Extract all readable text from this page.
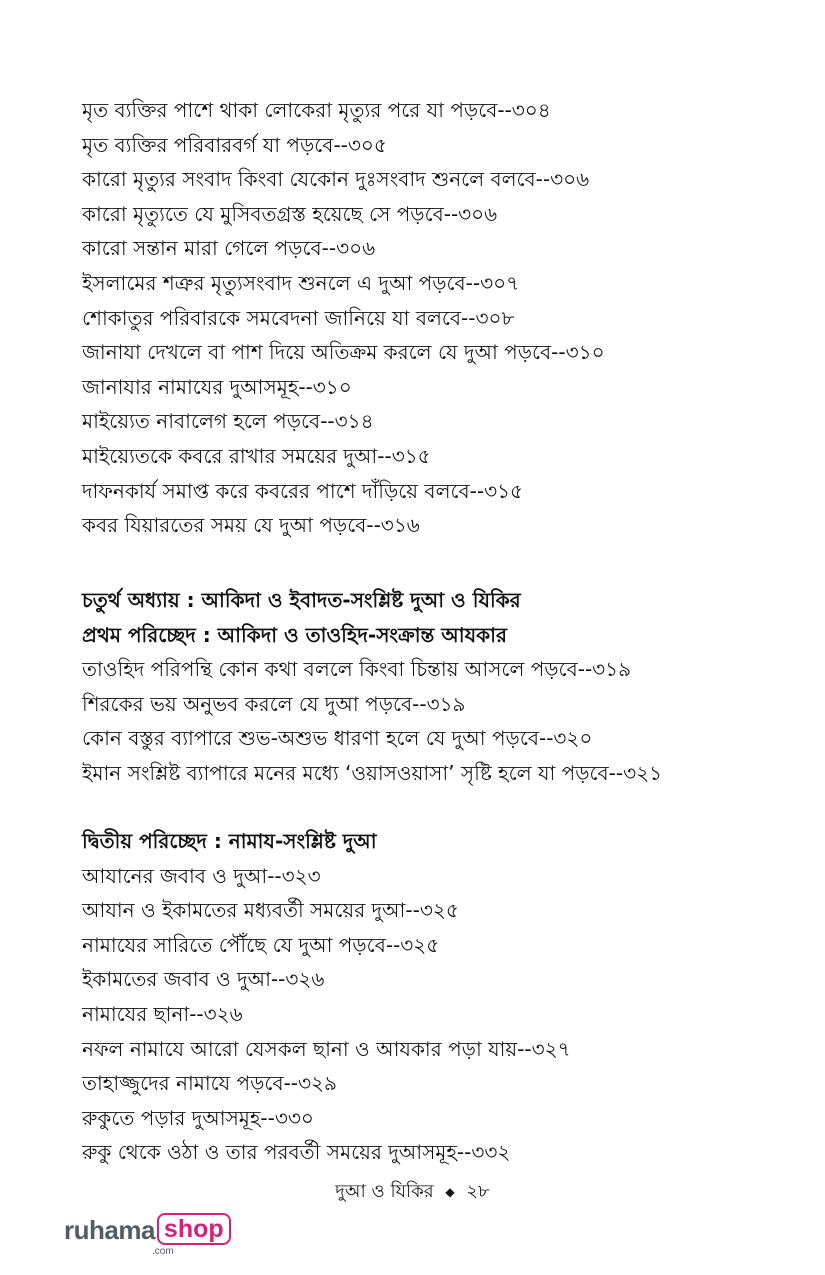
মৃত ব্যক্তির পাশে থাকা লোকেরা মৃত্যুর পরে যা পড়বে--৩০৪
মৃত ব্যক্তির পরিবারবর্গ যা পড়বে--৩০৫
কারো মৃত্যুর সংবাদ কিংবা যেকোন দুঃসংবাদ শুনলে বলবে--৩০৬
কারো মৃত্যুতে যে মুসিবতগ্রস্ত হয়েছে সে পড়বে--৩০৬
কারো সন্তান মারা গেলে পড়বে--৩০৬
ইসলামের শত্রুর মৃত্যুসংবাদ শুনলে এ দুআ পড়বে--৩০৭
শোকাতুর পরিবারকে সমবেদনা জানিয়ে যা বলবে--৩০৮
জানাযা দেখলে বা পাশ দিয়ে অতিক্রম করলে যে দুআ পড়বে--৩১০
জানাযার নামাযের দুআসমূহ--৩১০
মাইয়্যেত নাবালেগ হলে পড়বে--৩১৪
মাইয়্যেতকে কবরে রাখার সময়ের দুআ--৩১৫
দাফনকার্য সমাপ্ত করে কবরের পাশে দাঁড়িয়ে বলবে--৩১৫
কবর যিয়ারতের সময় যে দুআ পড়বে--৩১৬
চতুর্থ অধ্যায় : আকিদা ও ইবাদত-সংশ্লিষ্ট দুআ ও যিকির
প্রথম পরিচ্ছেদ : আকিদা ও তাওহিদ-সংক্রান্ত আযকার
তাওহিদ পরিপন্থি কোন কথা বললে কিংবা চিন্তায় আসলে পড়বে--৩১৯
শিরকের ভয় অনুভব করলে যে দুআ পড়বে--৩১৯
কোন বস্তুর ব্যাপারে শুভ-অশুভ ধারণা হলে যে দুআ পড়বে--৩২০
ইমান সংশ্লিষ্ট ব্যাপারে মনের মধ্যে ‘ওয়াসওয়াসা’ সৃষ্টি হলে যা পড়বে--৩২১
দ্বিতীয় পরিচ্ছেদ : নামায-সংশ্লিষ্ট দুআ
আযানের জবাব ও দুআ--৩২৩
আযান ও ইকামতের মধ্যবর্তী সময়ের দুআ--৩২৫
নামাযের সারিতে পৌঁছে যে দুআ পড়বে--৩২৫
ইকামতের জবাব ও দুআ--৩২৬
নামাযের ছানা--৩২৬
নফল নামাযে আরো যেসকল ছানা ও আযকার পড়া যায়--৩২৭
তাহাজ্জুদের নামাযে পড়বে--৩২৯
রুকুতে পড়ার দুআসমূহ--৩৩০
রুকু থেকে ওঠা ও তার পরবর্তী সময়ের দুআসমূহ--৩৩২
দুআ ও যিকির ◆ ২৮
ruhama shop
.com
